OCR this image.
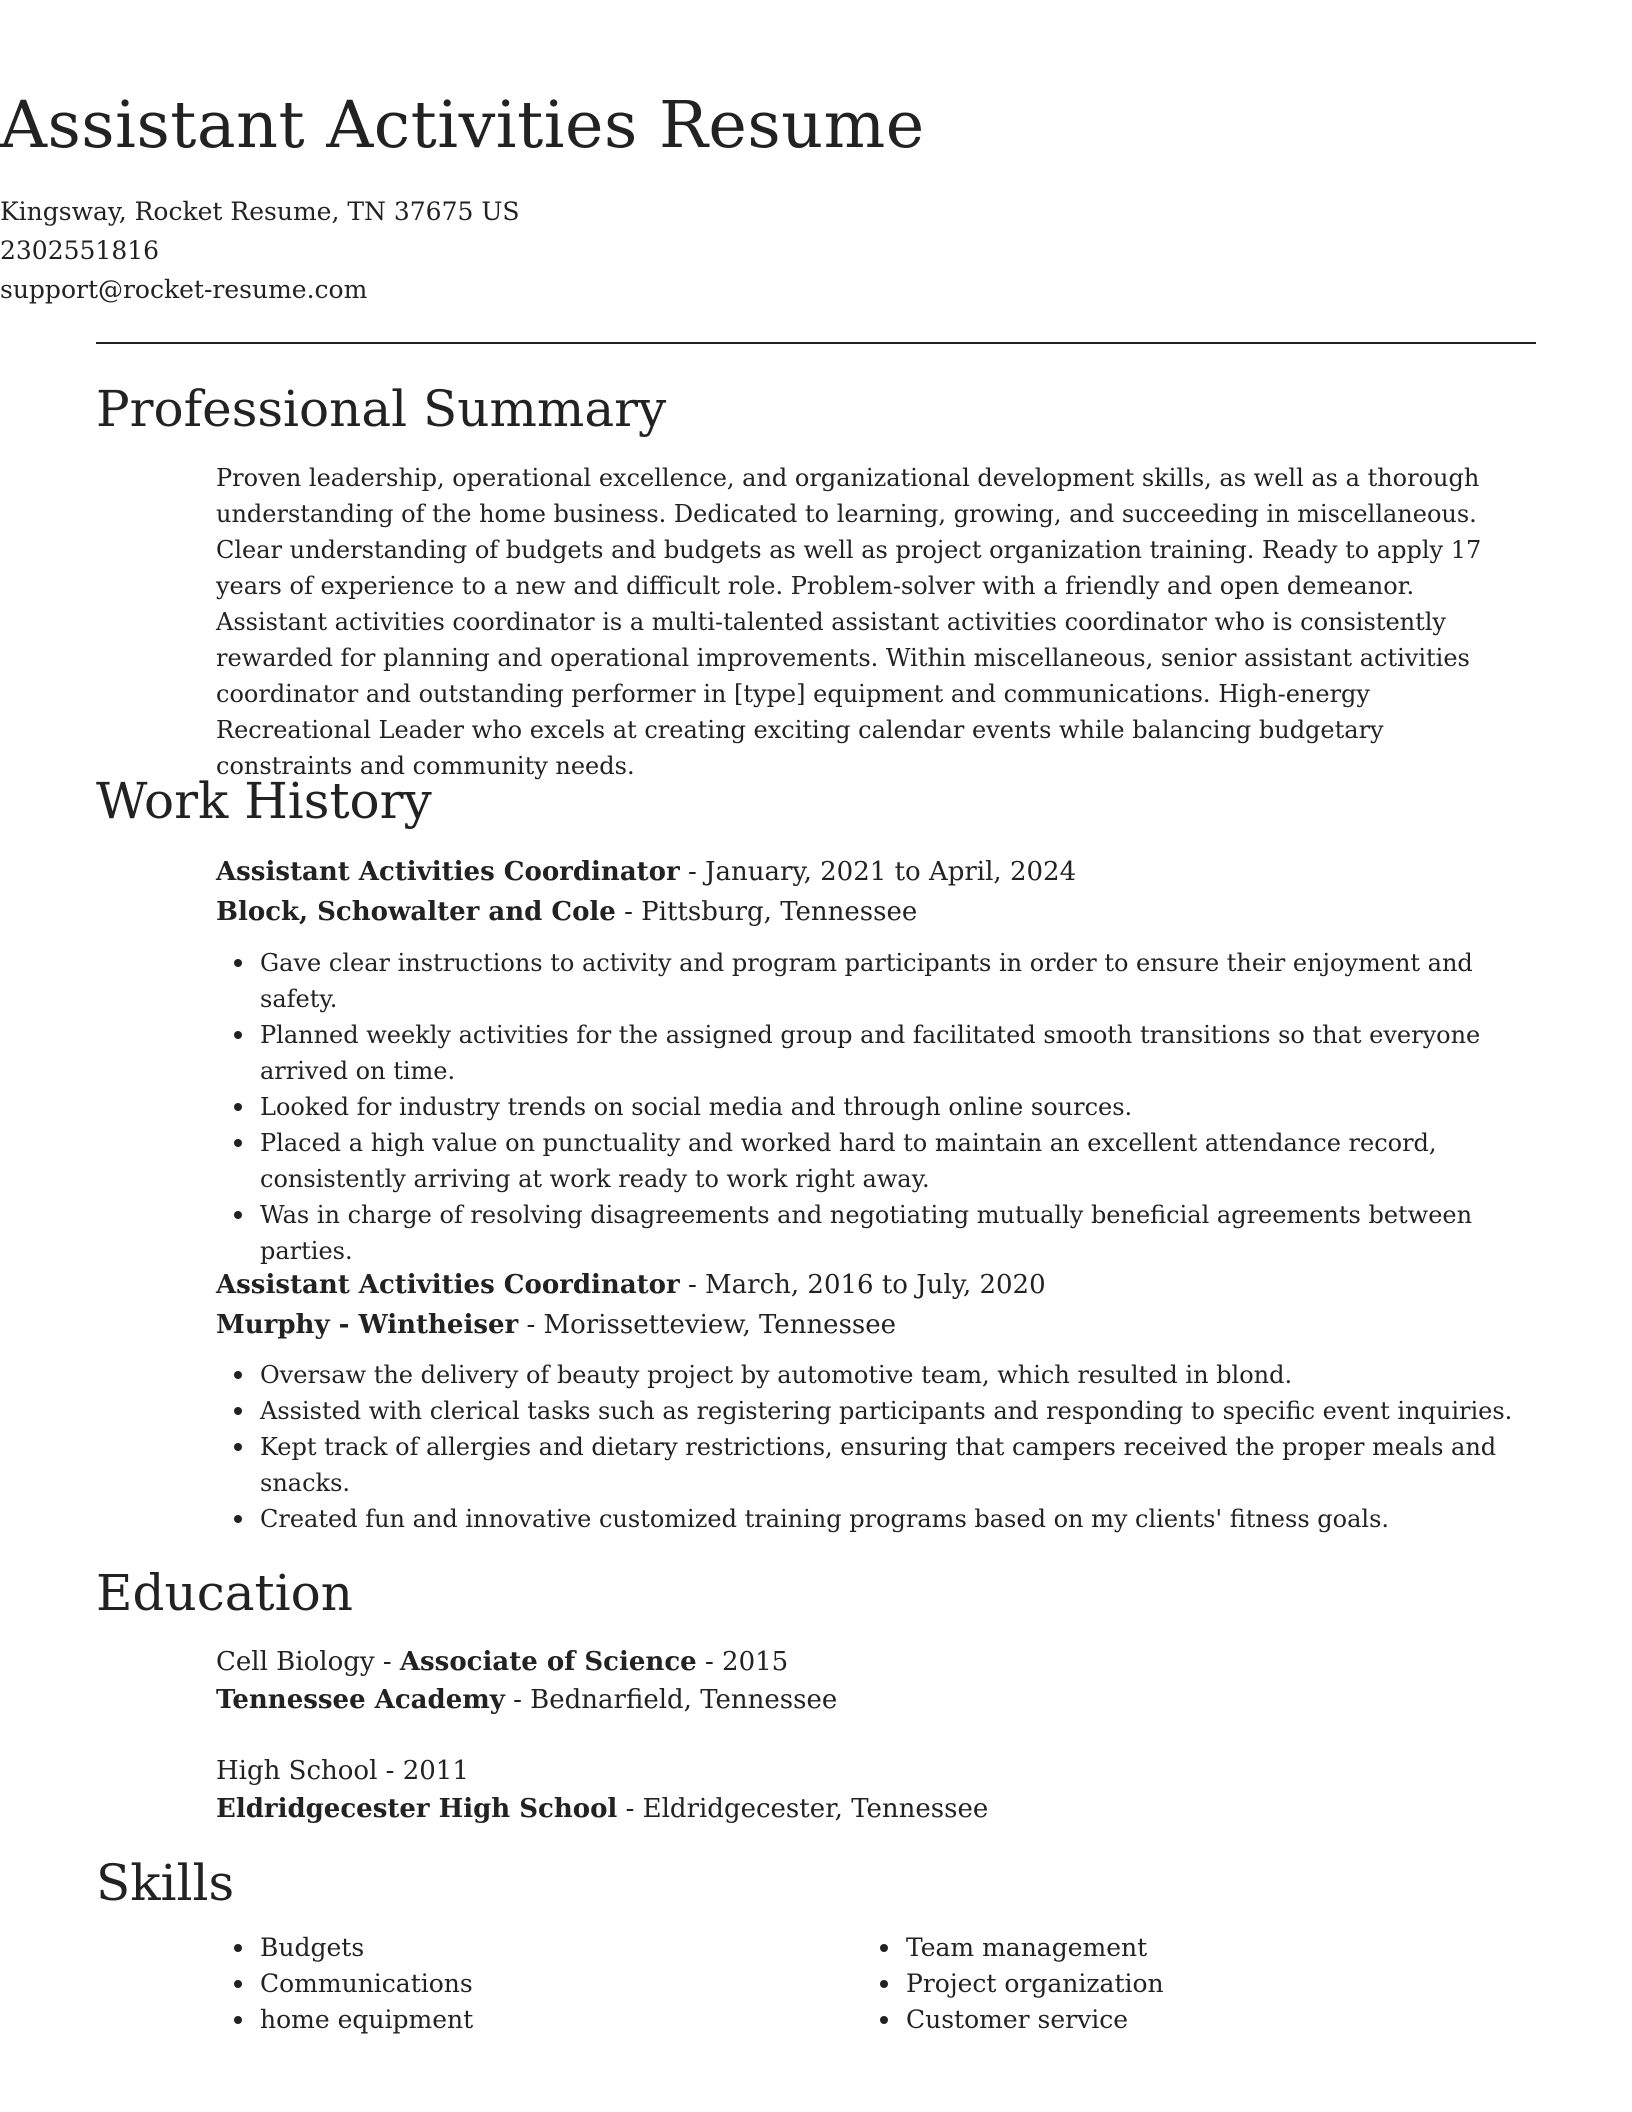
Assistant Activities Resume
Kingsway, Rocket Resume, TN 37675 US
2302551816
support@rocket-resume.com
Professional Summary
Proven leadership, operational excellence, and organizational development skills, as well as a thorough understanding of the home business. Dedicated to learning, growing, and succeeding in miscellaneous. Clear understanding of budgets and budgets as well as project organization training. Ready to apply 17 years of experience to a new and difficult role. Problem-solver with a friendly and open demeanor. Assistant activities coordinator is a multi-talented assistant activities coordinator who is consistently rewarded for planning and operational improvements. Within miscellaneous, senior assistant activities coordinator and outstanding performer in [type] equipment and communications. High-energy Recreational Leader who excels at creating exciting calendar events while balancing budgetary constraints and community needs.
Work History
Assistant Activities Coordinator - January, 2021 to April, 2024
Block, Schowalter and Cole - Pittsburg, Tennessee
Gave clear instructions to activity and program participants in order to ensure their enjoyment and safety.
Planned weekly activities for the assigned group and facilitated smooth transitions so that everyone arrived on time.
Looked for industry trends on social media and through online sources.
Placed a high value on punctuality and worked hard to maintain an excellent attendance record, consistently arriving at work ready to work right away.
Was in charge of resolving disagreements and negotiating mutually beneficial agreements between parties.
Assistant Activities Coordinator - March, 2016 to July, 2020
Murphy - Wintheiser - Morissetteview, Tennessee
Oversaw the delivery of beauty project by automotive team, which resulted in blond.
Assisted with clerical tasks such as registering participants and responding to specific event inquiries.
Kept track of allergies and dietary restrictions, ensuring that campers received the proper meals and snacks.
Created fun and innovative customized training programs based on my clients' fitness goals.
Education
Cell Biology - Associate of Science - 2015
Tennessee Academy - Bednarfield, Tennessee
High School - 2011
Eldridgecester High School - Eldridgecester, Tennessee
Skills
Budgets
Communications
home equipment
Team management
Project organization
Customer service
